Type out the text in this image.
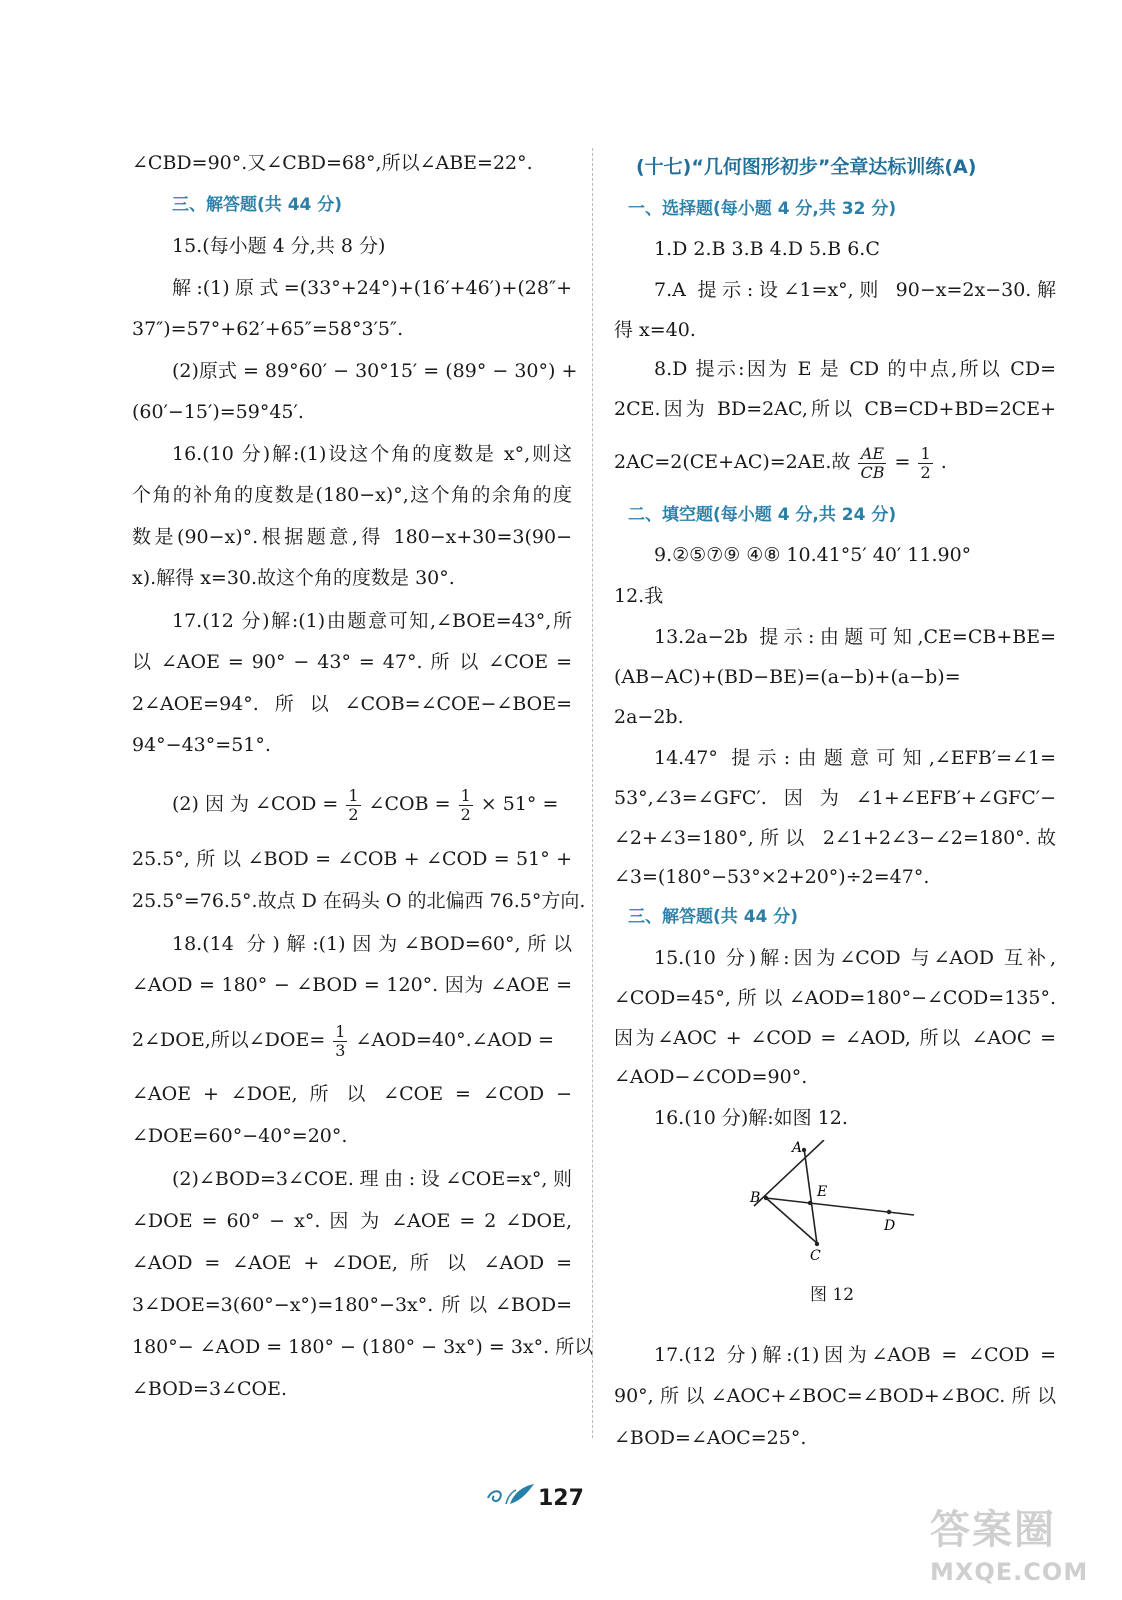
∠CBD=90°.又∠CBD=68°,所以∠ABE=22°.
三、解答题(共 44 分)
15.(每小题 4 分,共 8 分)
解:(1)原式=(33°+24°)+(16′+46′)+(28″+
37″)=57°+62′+65″=58°3′5″.
(2)原式 = 89°60′ − 30°15′ = (89° − 30°) +
(60′−15′)=59°45′.
16.(10 分)解:(1)设这个角的度数是 x°,则这
个角的补角的度数是(180−x)°,这个角的余角的度
数是(90−x)°.根据题意,得 180−x+30=3(90−
x).解得 x=30.故这个角的度数是 30°.
17.(12 分)解:(1)由题意可知,∠BOE=43°,所
以 ∠AOE = 90° − 43° = 47°. 所 以 ∠COE =
2∠AOE=94°.所以∠COB=∠COE−∠BOE=
94°−43°=51°.
(2) 因 为 ∠COD = $\frac{1}{2}$ ∠COB = $\frac{1}{2} \times 51^\circ$ =
25.5°, 所 以 ∠BOD = ∠COB + ∠COD = 51° +
25.5°=76.5°.故点 D 在码头 O 的北偏西 76.5°方向.
18.(14 分)解:(1)因为∠BOD=60°,所以
∠AOD = 180° − ∠BOD = 120°. 因为 ∠AOE =
2∠DOE,所以∠DOE= $\frac{1}{3}$ ∠AOD=40°.∠AOD =
∠AOE + ∠DOE, 所 以 ∠COE = ∠COD −
∠DOE=60°−40°=20°.
(2)∠BOD=3∠COE.理由:设∠COE=x°,则
∠DOE = 60° − x°. 因 为 ∠AOE = 2 ∠DOE,
∠AOD = ∠AOE + ∠DOE, 所 以 ∠AOD =
3∠DOE=3(60°−x°)=180°−3x°.所以∠BOD=
180°− ∠AOD = 180° − (180° − 3x°) = 3x°. 所以
∠BOD=3∠COE.
(十七)“几何图形初步”全章达标训练(A)
一、选择题(每小题 4 分,共 32 分)
1.D 2.B 3.B 4.D 5.B 6.C
7.A 提示:设∠1=x°,则 90−x=2x−30.解
得 x=40.
8.D 提示:因为 E 是 CD 的中点,所以 CD=
2CE.因为 BD=2AC,所以 CB=CD+BD=2CE+
2AC=2(CE+AC)=2AE.故 $\frac{AE}{CB} = \frac{1}{2}$ .
二、填空题(每小题 4 分,共 24 分)
9.②⑤⑦⑨ ④⑧ 10.41°5′ 40′ 11.90°
12.我
13.2a−2b 提示:由题可知,CE=CB+BE=
(AB−AC)+(BD−BE)=(a−b)+(a−b)=
2a−2b.
14.47° 提示:由题意可知,∠EFB′=∠1=
53°,∠3=∠GFC′.因为∠1+∠EFB′+∠GFC′−
∠2+∠3=180°,所以 2∠1+2∠3−∠2=180°.故
∠3=(180°−53°×2+20°)÷2=47°.
三、解答题(共 44 分)
15.(10 分)解:因为∠COD 与∠AOD 互补,
∠COD=45°,所以∠AOD=180°−∠COD=135°.
因为∠AOC + ∠COD = ∠AOD, 所以 ∠AOC =
∠AOD−∠COD=90°.
16.(10 分)解:如图 12.
A
B	E
C
D
图 12
17.(12 分)解:(1)因为∠AOB = ∠COD =
90°,所以∠AOC+∠BOC=∠BOD+∠BOC.所以
∠BOD=∠AOC=25°.
127
答案圈
MXQE.COM
